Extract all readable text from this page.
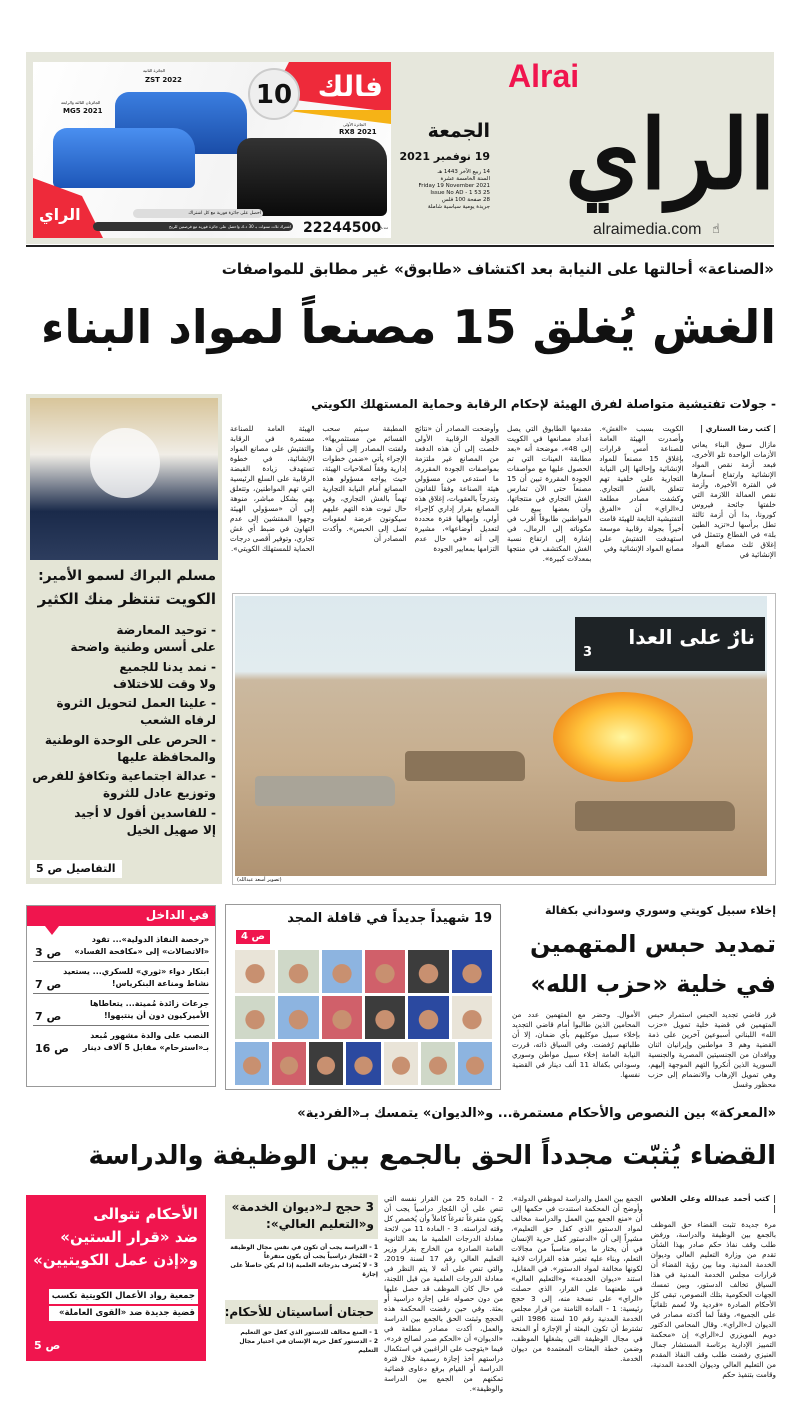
فالك
10
الجائزة الثانية
ZST 2022
الجائزتان الثالثة والرابعة
MG5 2021
الجائزة الأولى
RX8 2021
الراي	احصل على جائزة فورية مع كل اشتراك
اشترك ثلاث سنوات بـ 30 د.ك واحصل على جائزة فورية مع فرصتين للربح 22244500
ت.ق
Alrai
الراي
alraimedia.com ☝
الجمعة
19 نوفمبر 2021
14 ربيع الآخر 1443 هـ
السنة الخامسة عشرة
Friday 19 November 2021
Issue No AD - 1 53 25
28 صفحة 100 فلس
جريدة يومية سياسية شاملة
«الصناعة» أحالتها على النيابة بعد اكتشاف «طابوق» غير مطابق للمواصفات
الغش يُغلق 15 مصنعاً لمواد البناء
- جولات تفتيشية متواصلة لفرق الهيئة لإحكام الرقابة وحماية المستهلك الكويتي
| كتب رضا السناري |

مازال سوق البناء يعاني الأزمات الواحدة تلو الأخرى، فبعد أزمة نقص المواد الإنشائية وارتفاع أسعارها في الفترة الأخيرة، وأزمة نقص العمالة اللازمة التي خلفتها جائحة فيروس كورونا، بدا أن أزمة ثالثة تطل برأسها لـ«تزيد الطين بلة» في القطاع وتتمثل في إغلاق ثلث مصانع المواد الإنشائية في

الكويت بسبب «الغش». وأصدرت الهيئة العامة للصناعة أمس قرارات بإغلاق 15 مصنعاً للمواد الإنشائية وإحالتها إلى النيابة التجارية على خلفية تهم تتعلق بالغش التجاري. وكشفت مصادر مطلعة لـ«الراي» أن «الفرق التفتيشية التابعة للهيئة قامت أخيراً بجولة رقابية موسعة استهدفت التفتيش على مصانع المواد الإنشائية وفي

مقدمها الطابوق التي يصل أعداد مصانعها في الكويت إلى 48»، موضحة أنه «بعد مطابقة العينات التي تم الحصول عليها مع مواصفات الجودة المقررة تبين أن 15 مصنعاً حتى الآن تمارس الغش التجاري في منتجاتها، وأن بعضها يبيع على المواطنين طابوقاً أقرب في مكوناته إلى الرمال، في إشارة إلى ارتفاع نسبة الغش المكتشف في منتجها بمعدلات كبيرة».

وأوضحت المصادر أن «نتائج الجولة الرقابية الأولى خلصت إلى أن هذه الدفعة من المصانع غير ملتزمة بمواصفات الجودة المقررة، ما استدعى من مسؤولي هيئة الصناعة وفقاً للقانون وتدرجاً بالعقوبات، إغلاق هذه المصانع بقرار إداري كإجراء أولي، وإمهالها فترة محددة لتعديل أوضاعها»، مشيرة إلى أنه «في حال عدم التزامها بمعايير الجودة

المطبقة سيتم سحب القسائم من مستثمريها». ولفتت المصادر إلى أن هذا الإجراء يأتي «ضمن خطوات إدارية وفقاً لصلاحيات الهيئة، حيث يواجه مسؤولو هذه المصانع أمام النيابة التجارية تهماً بالغش التجاري، وفي حال ثبوت هذه التهم عليهم سيكونون عرضة لعقوبات تصل إلى الحبس». وأكدت المصادر أن

الهيئة العامة للصناعة مستمرة في الرقابة والتفتيش على مصانع المواد الإنشائية، في خطوة تستهدف زيادة القبضة الرقابية على السلع الرئيسية التي تهم المواطنين، وتتعلق بهم بشكل مباشر، منوهة إلى أن «مسؤولي الهيئة وجهوا المفتشين إلى عدم التهاون في ضبط أي غش تجاري، وتوفير أقصى درجات الحماية للمستهلك الكويتي».

مسلم البراك لسمو الأمير:
الكويت تنتظر منك الكثير
- توحيد المعارضة
على أسس وطنية واضحة
- نمد يدنا للجميع
ولا وقت للاختلاف
- علينا العمل لتحويل الثروة
لرفاه الشعب
- الحرص على الوحدة الوطنية
والمحافظة عليها
- عدالة اجتماعية وتكافؤ للفرص
وتوزيع عادل للثروة
- للفاسدين أقول لا أجيد
إلا صهيل الخيل
التفاصيل ص 5
نارٌ على العدا
3
(تصوير أسعد عبدالله)
في الداخل
«رخصة النفاذ الدولية»... تقود «الاتصالات» إلى «مكافحة الفساد»
ص 3
ابتكار دواء «ثوري» للسكري... يستعيد نشاط ومناعة البنكرياس!
ص 7
جرعات زائدة مُميتة... يتعاطاها الأميركيون دون أن ينتبهوا!
ص 7
النصب على والدة مشهور مُبعد بـ«استرحام» مقابل 5 آلاف دينار
ص 16
19 شهيداً جديداً في قافلة المجد
ص 4
إخلاء سبيل كويتي وسوري وسوداني بكفالة
تمديد حبس المتهمين
في خلية «حزب الله»

قرر قاضي تجديد الحبس استمرار حبس المتهمين في قضية خلية تمويل «حزب الله» اللبناني أسبوعين آخرين على ذمة القضية وهم 3 مواطنين وإيرانيان اثنان ووافدان من الجنسيتين المصرية والجنسية السورية الذين أنكروا التهم الموجهة إليهم، وهي تمويل الإرهاب والانضمام إلى حزب محظور وغسل

الأموال. وحضر مع المتهمين عدد من المحامين الذين طالبوا أمام قاضي التجديد بإخلاء سبيل موكليهم بأي ضمان، إلا أن طلباتهم رُفضت. وفي السياق ذاته، قررت النيابة العامة إخلاء سبيل مواطن وسوري وسوداني بكفالة 11 ألف دينار في القضية نفسها.

«المعركة» بين النصوص والأحكام مستمرة... و«الديوان» يتمسك بـ«الفردية»
القضاء يُثبّت مجدداً الحق بالجمع بين الوظيفة والدراسة
الأحكام تتوالى
ضد «قرار الستين»
و«إذن عمل الكويتيين»
جمعية رواد الأعمال الكويتية تكسب
قضية جديدة ضد «القوى العاملة»
ص 5
3 حجج لـ«ديوان الخدمة» و«التعليم العالي»:
1 - الدراسة يجب أن تكون في نفس مجال الوظيفة
2 - المُجاز دراسياً يجب أن يكون متفرغاً
3 - لا يُعترف بدرجاته العلمية إذا لم يكن حاصلاً على إجازة
حجتان أساسيتان للأحكام:
1 - المنع مخالف للدستور الذي كفل حق التعليم
2 - الدستور كفل حرية الإنسان في اختيار مجال التعليم
| كتب أحمد عبدالله وعلي العلاس |

مرة جديدة تثبت القضاء حق الموظف بالجمع بين الوظيفة والدراسة، ورفض طلب وقف نفاذ حكم صادر بهذا الشأن تقدم من وزارة التعليم العالي وديوان الخدمة المدنية. وما بين رؤية القضاء أن قرارات مجلس الخدمة المدنية في هذا السياق تخالف الدستور، وبين تمسك الجهات الحكومية بتلك النصوص، تبقى كل الأحكام الصادرة «فردية ولا تُعمم تلقائياً على الجميع»، وفقاً لما أكدته مصادر في الديوان لـ«الراي». وقال المحامي الدكتور دويم المويزري لـ«الراي» إن «محكمة التمييز الإدارية برئاسة المستشار جمال العنيزي رفضت طلب وقف النفاذ المقدم من التعليم العالي وديوان الخدمة المدنية، وقامت بتنفيذ حكم

الجمع بين العمل والدراسة لموظفي الدولة». وأوضح أن المحكمة استندت في حكمها إلى أن «منع الجمع بين العمل والدراسة مخالف لمواد الدستور الذي كفل حق التعليم»، مشيراً إلى أن «الدستور كفل حرية الإنسان في أن يختار ما يراه مناسباً من مجالات التعلم، وبناء عليه تعتبر هذه القرارات لاغية لكونها مخالفة لمواد الدستور». في المقابل، استند «ديوان الخدمة» و«التعليم العالي» في طعنهما على القرار، الذي حصلت «الراي» على نسخة منه، إلى 3 حجج رئيسية: 1 - المادة الثامنة من قرار مجلس الخدمة المدنية رقم 10 لسنة 1986 التي تشترط أن تكون البعثة أو الإجازة أو المنحة في مجال الوظيفة التي يشغلها الموظف، وضمن خطة البعثات المعتمدة من ديوان الخدمة.

2 - المادة 25 من القرار نفسه التي تنص على أن المُجاز دراسياً يجب أن يكون متفرغاً تفرغاً كاملاً وأن يُخصص كل وقته لدراسته. 3 - المادة 11 من لائحة معادلة الدرجات العلمية ما بعد الثانوية العامة الصادرة من الخارج بقرار وزير التعليم العالي رقم 17 لسنة 2019، والتي تنص على أنه لا يتم النظر في معادلة الدرجات العلمية من قبل اللجنة، في حال كان الموظف قد حصل عليها من دون حصوله على إجازة دراسية أو بعثة. وفي حين رفضت المحكمة هذه الحجج وثبتت الحق بالجمع بين الدراسة والعمل، أكدت مصادر مطلعة في «الديوان» أن «الحكم صدر لصالح فرد»، فيما «يتوجب على الراغبين في استكمال دراستهم أخذ إجازة رسمية خلال فترة الدراسة أو القيام برفع دعاوى قضائية تمكنهم من الجمع بين الدراسة والوظيفة».
